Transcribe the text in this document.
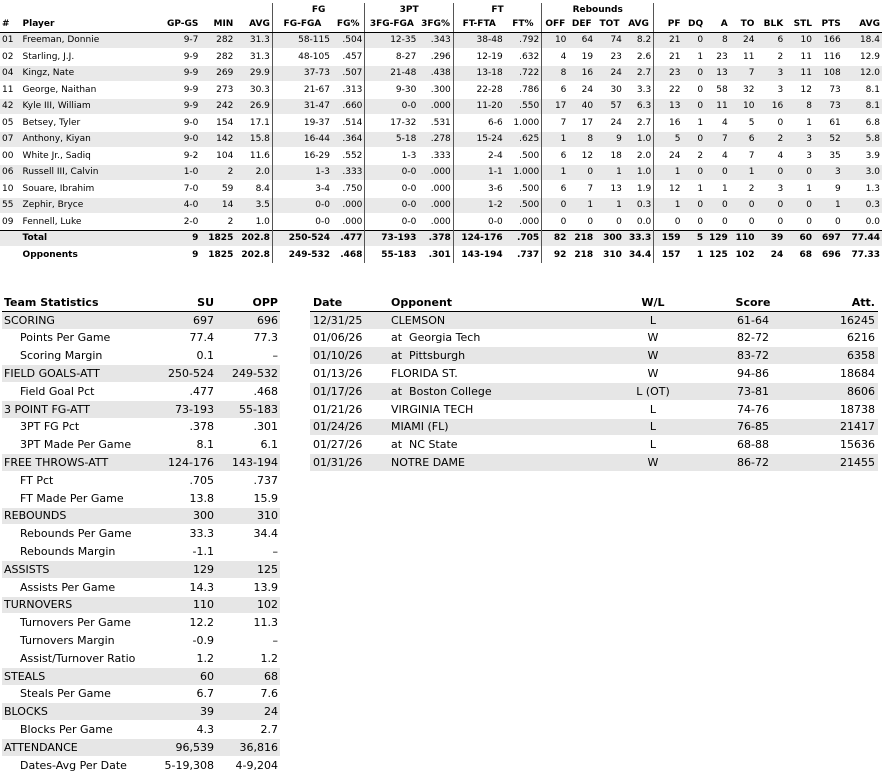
					FG		3PT		FT		Rebounds											
#	Player	GP-GS	MIN	AVG	FG-FGA	FG%	3FG-FGA	3FG%	FT-FTA	FT%	OFF	DEF	TOT	AVG	PF	DQ	A	TO	BLK	STL	PTS	AVG
01	Freeman, Donnie	9-7	282	31.3	58-115	.504	12-35	.343	38-48	.792	10	64	74	8.2	21	0	8	24	6	10	166	18.4
02	Starling, J.J.	9-9	282	31.3	48-105	.457	8-27	.296	12-19	.632	4	19	23	2.6	21	1	23	11	2	11	116	12.9
04	Kingz, Nate	9-9	269	29.9	37-73	.507	21-48	.438	13-18	.722	8	16	24	2.7	23	0	13	7	3	11	108	12.0
11	George, Naithan	9-9	273	30.3	21-67	.313	9-30	.300	22-28	.786	6	24	30	3.3	22	0	58	32	3	12	73	8.1
42	Kyle III, William	9-9	242	26.9	31-47	.660	0-0	.000	11-20	.550	17	40	57	6.3	13	0	11	10	16	8	73	8.1
05	Betsey, Tyler	9-0	154	17.1	19-37	.514	17-32	.531	6-6	1.000	7	17	24	2.7	16	1	4	5	0	1	61	6.8
07	Anthony, Kiyan	9-0	142	15.8	16-44	.364	5-18	.278	15-24	.625	1	8	9	1.0	5	0	7	6	2	3	52	5.8
00	White Jr., Sadiq	9-2	104	11.6	16-29	.552	1-3	.333	2-4	.500	6	12	18	2.0	24	2	4	7	4	3	35	3.9
06	Russell III, Calvin	1-0	2	2.0	1-3	.333	0-0	.000	1-1	1.000	1	0	1	1.0	1	0	0	1	0	0	3	3.0
10	Souare, Ibrahim	7-0	59	8.4	3-4	.750	0-0	.000	3-6	.500	6	7	13	1.9	12	1	1	2	3	1	9	1.3
55	Zephir, Bryce	4-0	14	3.5	0-0	.000	0-0	.000	1-2	.500	0	1	1	0.3	1	0	0	0	0	0	1	0.3
09	Fennell, Luke	2-0	2	1.0	0-0	.000	0-0	.000	0-0	.000	0	0	0	0.0	0	0	0	0	0	0	0	0.0
	Total	9	1825	202.8	250-524	.477	73-193	.378	124-176	.705	82	218	300	33.3	159	5	129	110	39	60	697	77.44
	Opponents	9	1825	202.8	249-532	.468	55-183	.301	143-194	.737	92	218	310	34.4	157	1	125	102	24	68	696	77.33
Team Statistics	SU	OPP
SCORING	697	696
Points Per Game	77.4	77.3
Scoring Margin	0.1	–
FIELD GOALS-ATT	250-524	249-532
Field Goal Pct	.477	.468
3 POINT FG-ATT	73-193	55-183
3PT FG Pct	.378	.301
3PT Made Per Game	8.1	6.1
FREE THROWS-ATT	124-176	143-194
FT Pct	.705	.737
FT Made Per Game	13.8	15.9
REBOUNDS	300	310
Rebounds Per Game	33.3	34.4
Rebounds Margin	-1.1	–
ASSISTS	129	125
Assists Per Game	14.3	13.9
TURNOVERS	110	102
Turnovers Per Game	12.2	11.3
Turnovers Margin	-0.9	–
Assist/Turnover Ratio	1.2	1.2
STEALS	60	68
Steals Per Game	6.7	7.6
BLOCKS	39	24
Blocks Per Game	4.3	2.7
ATTENDANCE	96,539	36,816
Dates-Avg Per Date	5-19,308	4-9,204
Date	Opponent	W/L	Score	Att.
12/31/25	CLEMSON	L	61-64	16245
01/06/26	at  Georgia Tech	W	82-72	6216
01/10/26	at  Pittsburgh	W	83-72	6358
01/13/26	FLORIDA ST.	W	94-86	18684
01/17/26	at  Boston College	L (OT)	73-81	8606
01/21/26	VIRGINIA TECH	L	74-76	18738
01/24/26	MIAMI (FL)	L	76-85	21417
01/27/26	at  NC State	L	68-88	15636
01/31/26	NOTRE DAME	W	86-72	21455
